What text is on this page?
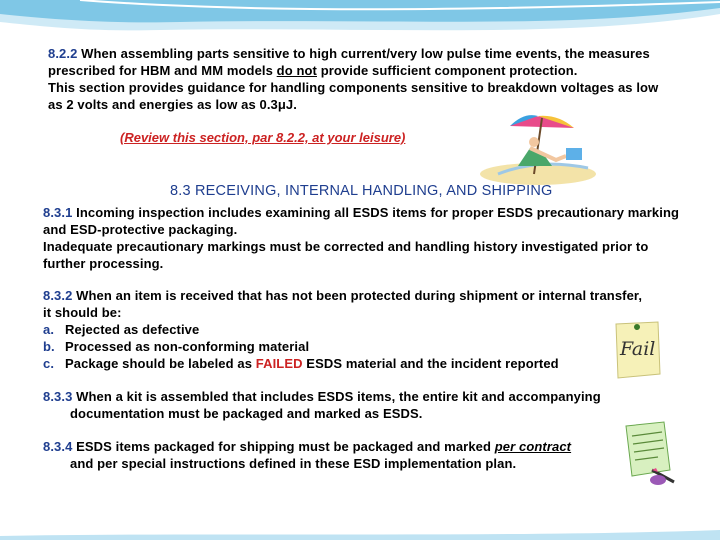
8.2.2 When assembling parts sensitive to high current/very low pulse time events, the measures prescribed for HBM and MM models do not provide sufficient component protection.
This section provides guidance for handling components sensitive to breakdown voltages as low as 2 volts and energies as low as 0.3μJ.
(Review this section, par 8.2.2, at your leisure)
8.3 RECEIVING, INTERNAL HANDLING, AND SHIPPING
8.3.1 Incoming inspection includes examining all ESDS items for proper ESDS precautionary marking and ESD-protective packaging.
Inadequate precautionary markings must be corrected and handling history investigated prior to further processing.
8.3.2 When an item is received that has not been protected during shipment or internal transfer, it should be:
a. Rejected as defective
b. Processed as non-conforming material
c. Package should be labeled as FAILED ESDS material and the incident reported
Fail
8.3.3 When a kit is assembled that includes ESDS items, the entire kit and accompanying
documentation must be packaged and marked as ESDS.
8.3.4 ESDS items packaged for shipping must be packaged and marked per contract
and per special instructions defined in these ESD implementation plan.
